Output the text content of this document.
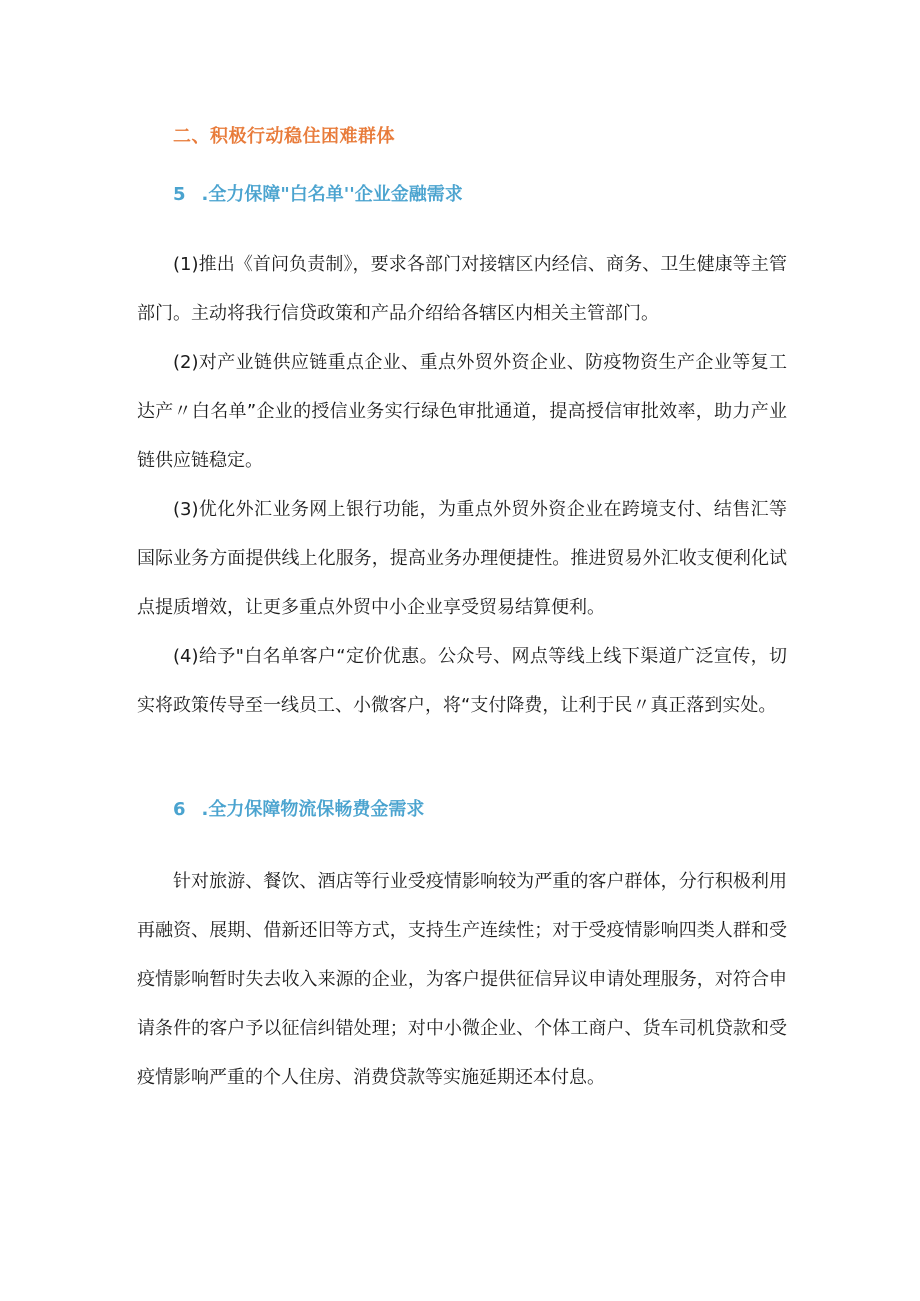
二、积极行动稳住困难群体
5 .全力保障"白名单''企业金融需求

(1)推出《首问负责制》，要求各部门对接辖区内经信、商务、卫生健康等主管部门。主动将我行信贷政策和产品介绍给各辖区内相关主管部门。

(2)对产业链供应链重点企业、重点外贸外资企业、防疫物资生产企业等复工达产〃白名单”企业的授信业务实行绿色审批通道，提高授信审批效率，助力产业链供应链稳定。

(3)优化外汇业务网上银行功能，为重点外贸外资企业在跨境支付、结售汇等国际业务方面提供线上化服务，提高业务办理便捷性。推进贸易外汇收支便利化试点提质增效，让更多重点外贸中小企业享受贸易结算便利。

(4)给予"白名单客户“定价优惠。公众号、网点等线上线下渠道广泛宣传，切实将政策传导至一线员工、小微客户，将“支付降费，让利于民〃真正落到实处。

6 .全力保障物流保畅费金需求

针对旅游、餐饮、酒店等行业受疫情影响较为严重的客户群体，分行积极利用再融资、展期、借新还旧等方式，支持生产连续性；对于受疫情影响四类人群和受疫情影响暂时失去收入来源的企业，为客户提供征信异议申请处理服务，对符合申请条件的客户予以征信纠错处理；对中小微企业、个体工商户、货车司机贷款和受疫情影响严重的个人住房、消费贷款等实施延期还本付息。
